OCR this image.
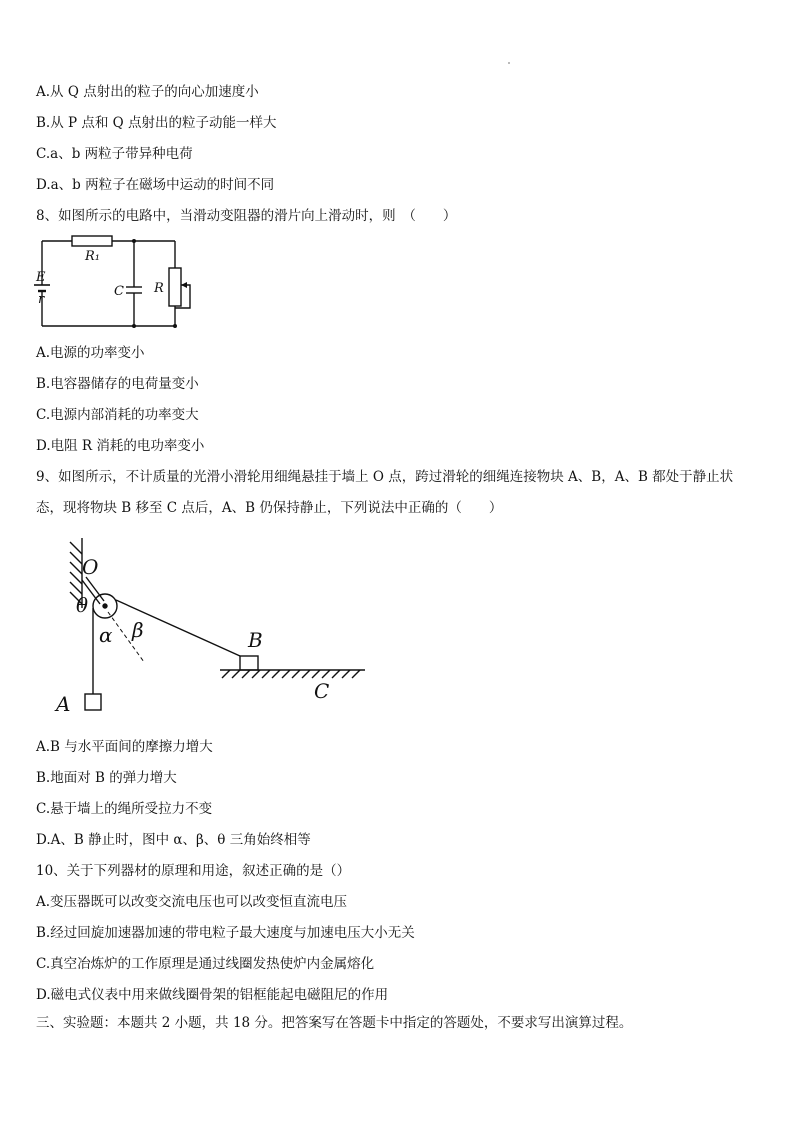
A.从 Q 点射出的粒子的向心加速度小
B.从 P 点和 Q 点射出的粒子动能一样大
C.a、b 两粒子带异种电荷
D.a、b 两粒子在磁场中运动的时间不同
8、如图所示的电路中，当滑动变阻器的滑片向上滑动时，则　（　　）
E
r
R₁
C R
A.电源的功率变小
B.电容器储存的电荷量变小
C.电源内部消耗的功率变大
D.电阻 R 消耗的电功率变小
9、如图所示，不计质量的光滑小滑轮用细绳悬挂于墙上 O 点，跨过滑轮的细绳连接物块 A、B，A、B 都处于静止状
态，现将物块 B 移至 C 点后，A、B 仍保持静止，下列说法中正确的（　　）
O
θ
α β	B
A
C
A.B 与水平面间的摩擦力增大
B.地面对 B 的弹力增大
C.悬于墙上的绳所受拉力不变
D.A、B 静止时，图中 α、β、θ 三角始终相等
10、关于下列器材的原理和用途，叙述正确的是（）
A.变压器既可以改变交流电压也可以改变恒直流电压
B.经过回旋加速器加速的带电粒子最大速度与加速电压大小无关
C.真空冶炼炉的工作原理是通过线圈发热使炉内金属熔化
D.磁电式仪表中用来做线圈骨架的铝框能起电磁阻尼的作用
三、实验题：本题共 2 小题，共 18 分。把答案写在答题卡中指定的答题处，不要求写出演算过程。
